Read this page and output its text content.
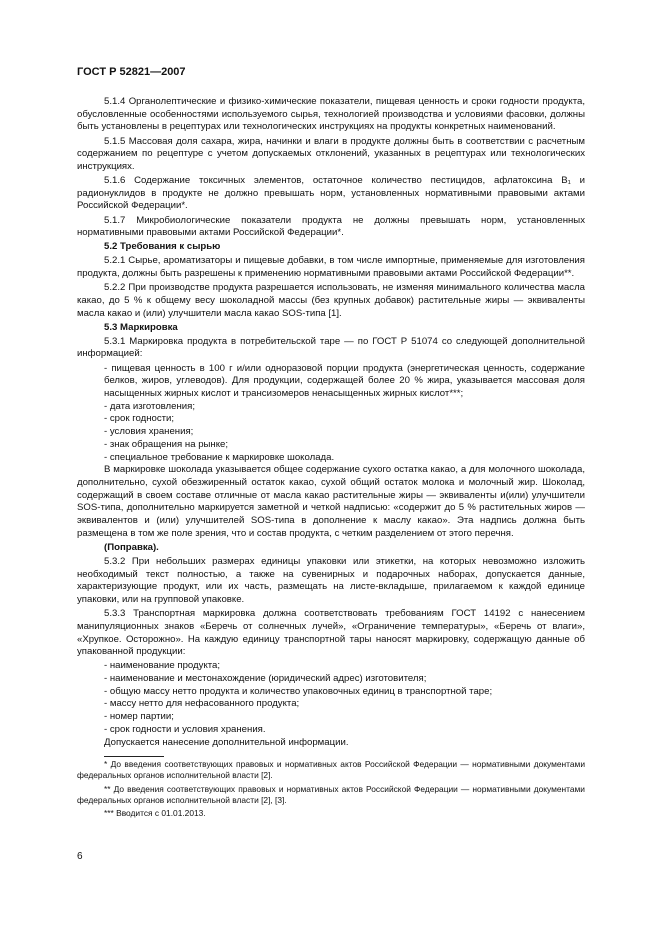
ГОСТ Р 52821—2007
5.1.4 Органолептические и физико-химические показатели, пищевая ценность и сроки годности продукта, обусловленные особенностями используемого сырья, технологией производства и условиями фасовки, должны быть установлены в рецептурах или технологических инструкциях на продукты конкретных наименований.
5.1.5 Массовая доля сахара, жира, начинки и влаги в продукте должны быть в соответствии с расчетным содержанием по рецептуре с учетом допускаемых отклонений, указанных в рецептурах или технологических инструкциях.
5.1.6 Содержание токсичных элементов, остаточное количество пестицидов, афлатоксина B₁ и радионуклидов в продукте не должно превышать норм, установленных нормативными правовыми актами Российской Федерации*.
5.1.7 Микробиологические показатели продукта не должны превышать норм, установленных нормативными правовыми актами Российской Федерации*.
5.2 Требования к сырью
5.2.1 Сырье, ароматизаторы и пищевые добавки, в том числе импортные, применяемые для изготовления продукта, должны быть разрешены к применению нормативными правовыми актами Российской Федерации**.
5.2.2 При производстве продукта разрешается использовать, не изменяя минимального количества масла какао, до 5 % к общему весу шоколадной массы (без крупных добавок) растительные жиры — эквиваленты масла какао и (или) улучшители масла какао SOS-типа [1].
5.3 Маркировка
5.3.1 Маркировка продукта в потребительской таре — по ГОСТ Р 51074 со следующей дополнительной информацией:
- пищевая ценность в 100 г и/или одноразовой порции продукта (энергетическая ценность, содержание белков, жиров, углеводов). Для продукции, содержащей более 20 % жира, указывается массовая доля насыщенных жирных кислот и трансизомеров ненасыщенных жирных кислот***;
- дата изготовления;
- срок годности;
- условия хранения;
- знак обращения на рынке;
- специальное требование к маркировке шоколада.
В маркировке шоколада указывается общее содержание сухого остатка какао, а для молочного шоколада, дополнительно, сухой обезжиренный остаток какао, сухой общий остаток молока и молочный жир. Шоколад, содержащий в своем составе отличные от масла какао растительные жиры — эквиваленты и(или) улучшители SOS-типа, дополнительно маркируется заметной и четкой надписью: «содержит до 5 % растительных жиров — эквивалентов и (или) улучшителей SOS-типа в дополнение к маслу какао». Эта надпись должна быть размещена в том же поле зрения, что и состав продукта, с четким разделением от этого перечня.
(Поправка).
5.3.2 При небольших размерах единицы упаковки или этикетки, на которых невозможно изложить необходимый текст полностью, а также на сувенирных и подарочных наборах, допускается данные, характеризующие продукт, или их часть, размещать на листе-вкладыше, прилагаемом к каждой единице упаковки, или на групповой упаковке.
5.3.3 Транспортная маркировка должна соответствовать требованиям ГОСТ 14192 с нанесением манипуляционных знаков «Беречь от солнечных лучей», «Ограничение температуры», «Беречь от влаги», «Хрупкое. Осторожно». На каждую единицу транспортной тары наносят маркировку, содержащую данные об упакованной продукции:
- наименование продукта;
- наименование и местонахождение (юридический адрес) изготовителя;
- общую массу нетто продукта и количество упаковочных единиц в транспортной таре;
- массу нетто для нефасованного продукта;
- номер партии;
- срок годности и условия хранения.
Допускается нанесение дополнительной информации.
* До введения соответствующих правовых и нормативных актов Российской Федерации — нормативными документами федеральных органов исполнительной власти [2].
** До введения соответствующих правовых и нормативных актов Российской Федерации — нормативными документами федеральных органов исполнительной власти [2], [3].
*** Вводится с 01.01.2013.
6
